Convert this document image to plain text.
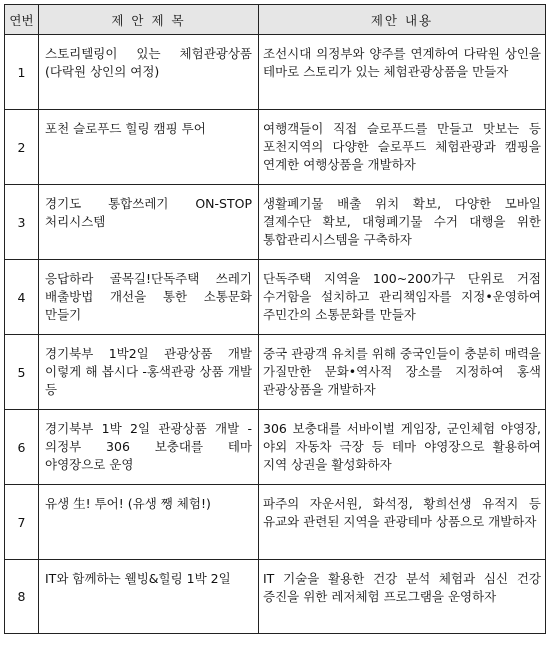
연번	제 안 제 목	제안 내용
1	스토리텔링이 있는 체험관광상품(다락원 상인의 여정)	조선시대 의정부와 양주를 연계하여 다락원 상인을 테마로 스토리가 있는 체험관광상품을 만들자

2	포천 슬로푸드 힐링 캠핑 투어	여행객들이 직접 슬로푸드를 만들고 맛보는 등 포천지역의 다양한 슬로푸드 체험관광과 캠핑을 연계한 여행상품을 개발하자

3	경기도 통합쓰레기 ON-STOP 처리시스템	생활폐기물 배출 위치 확보, 다양한 모바일 결제수단 확보, 대형폐기물 수거 대행을 위한 통합관리시스템을 구축하자

4	응답하라 골목길!단독주택 쓰레기 배출방법 개선을 통한 소통문화 만들기	단독주택 지역을 100~200가구 단위로 거점 수거함을 설치하고 관리책임자를 지정•운영하여 주민간의 소통문화를 만들자

5	경기북부 1박2일 관광상품 개발 이렇게 해 봅시다 -홍색관광 상품 개발 등	중국 관광객 유치를 위해 중국인들이 충분히 매력을 가질만한 문화•역사적 장소를 지정하여 홍색 관광상품을 개발하자

6	경기북부 1박 2일 관광상품 개발 -의정부 306 보충대를 테마 야영장으로 운영	306 보충대를 서바이벌 게임장, 군인체험 야영장, 야외 자동차 극장 등 테마 야영장으로 활용하여 지역 상권을 활성화하자

7	유생 生! 투어! (유생 쨍 체험!)	파주의 자운서원, 화석정, 황희선생 유적지 등 유교와 관련된 지역을 관광테마 상품으로 개발하자

8	IT와 함께하는 웰빙&힐링 1박 2일	IT 기술을 활용한 건강 분석 체험과 심신 건강 증진을 위한 레저체험 프로그램을 운영하자
